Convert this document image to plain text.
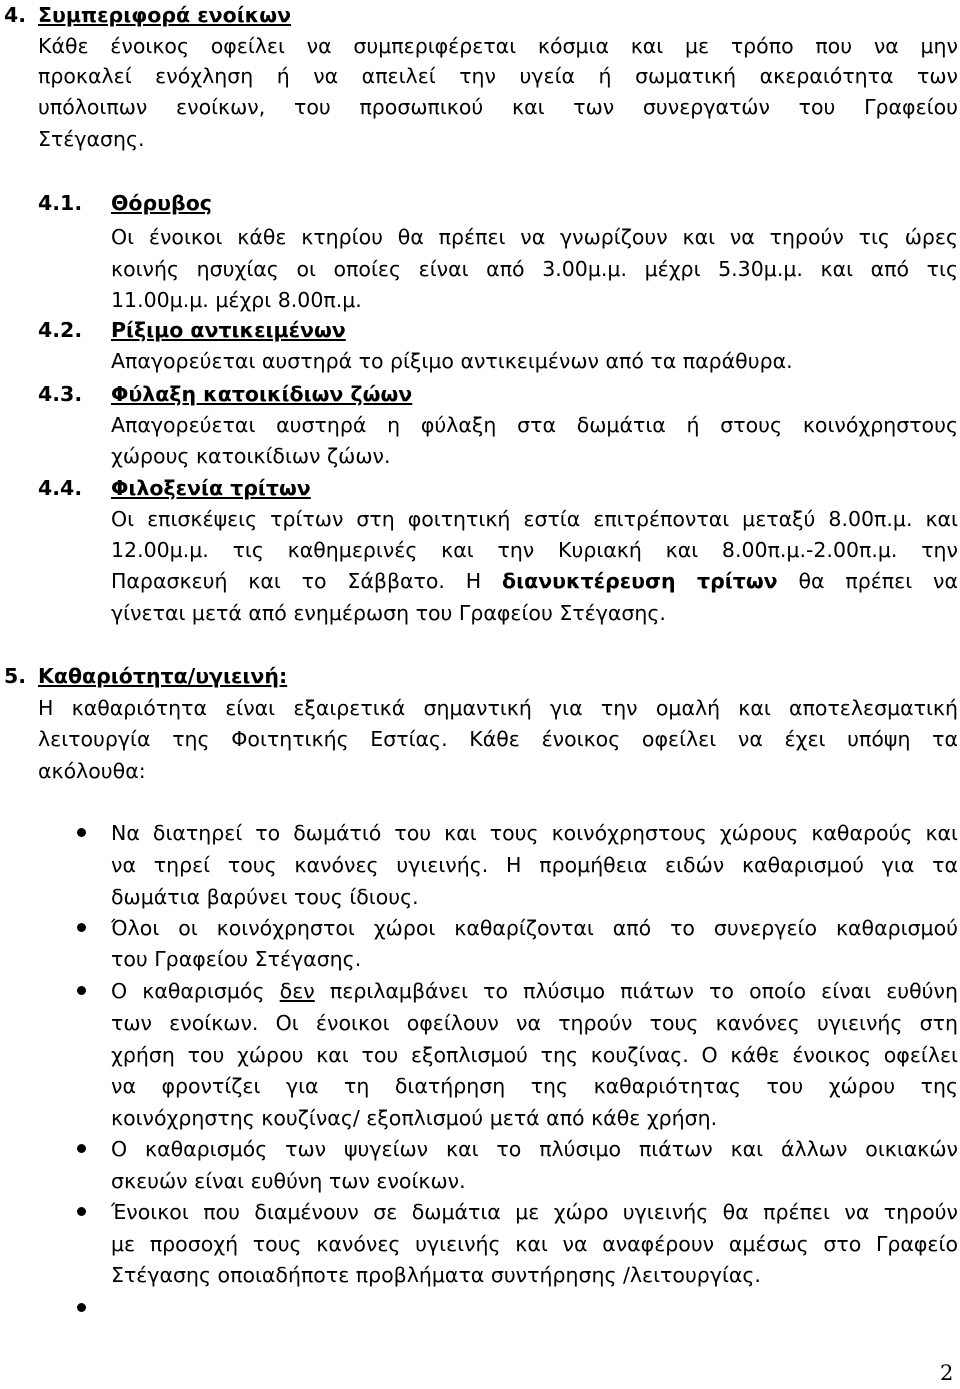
4. Συμπεριφορά ενοίκων
Κάθε ένοικος οφείλει να συμπεριφέρεται κόσμια και με τρόπο που να μην
προκαλεί ενόχληση ή να απειλεί την υγεία ή σωματική ακεραιότητα των
υπόλοιπων ενοίκων, του προσωπικού και των συνεργατών του Γραφείου
Στέγασης.
4.1. Θόρυβος
Οι ένοικοι κάθε κτηρίου θα πρέπει να γνωρίζουν και να τηρούν τις ώρες
κοινής ησυχίας οι οποίες είναι από 3.00μ.μ. μέχρι 5.30μ.μ. και από τις
11.00μ.μ. μέχρι 8.00π.μ.
4.2. Ρίξιμο αντικειμένων
Απαγορεύεται αυστηρά το ρίξιμο αντικειμένων από τα παράθυρα.
4.3. Φύλαξη κατοικίδιων ζώων
Απαγορεύεται αυστηρά η φύλαξη στα δωμάτια ή στους κοινόχρηστους
χώρους κατοικίδιων ζώων.
4.4. Φιλοξενία τρίτων
Οι επισκέψεις τρίτων στη φοιτητική εστία επιτρέπονται μεταξύ 8.00π.μ. και
12.00μ.μ. τις καθημερινές και την Κυριακή και 8.00π.μ.-2.00π.μ. την
Παρασκευή και το Σάββατο. Η διανυκτέρευση τρίτων θα πρέπει να
γίνεται μετά από ενημέρωση του Γραφείου Στέγασης.
5. Καθαριότητα/υγιεινή:
Η καθαριότητα είναι εξαιρετικά σημαντική για την ομαλή και αποτελεσματική
λειτουργία της Φοιτητικής Εστίας. Κάθε ένοικος οφείλει να έχει υπόψη τα
ακόλουθα:
Να διατηρεί το δωμάτιό του και τους κοινόχρηστους χώρους καθαρούς και
να τηρεί τους κανόνες υγιεινής. Η προμήθεια ειδών καθαρισμού για τα
δωμάτια βαρύνει τους ίδιους.
Όλοι οι κοινόχρηστοι χώροι καθαρίζονται από το συνεργείο καθαρισμού
του Γραφείου Στέγασης.
Ο καθαρισμός δεν περιλαμβάνει το πλύσιμο πιάτων το οποίο είναι ευθύνη
των ενοίκων. Οι ένοικοι οφείλουν να τηρούν τους κανόνες υγιεινής στη
χρήση του χώρου και του εξοπλισμού της κουζίνας. Ο κάθε ένοικος οφείλει
να φροντίζει για τη διατήρηση της καθαριότητας του χώρου της
κοινόχρηστης κουζίνας/ εξοπλισμού μετά από κάθε χρήση.
Ο καθαρισμός των ψυγείων και το πλύσιμο πιάτων και άλλων οικιακών
σκευών είναι ευθύνη των ενοίκων.
Ένοικοι που διαμένουν σε δωμάτια με χώρο υγιεινής θα πρέπει να τηρούν
με προσοχή τους κανόνες υγιεινής και να αναφέρουν αμέσως στο Γραφείο
Στέγασης οποιαδήποτε προβλήματα συντήρησης /λειτουργίας.
2
